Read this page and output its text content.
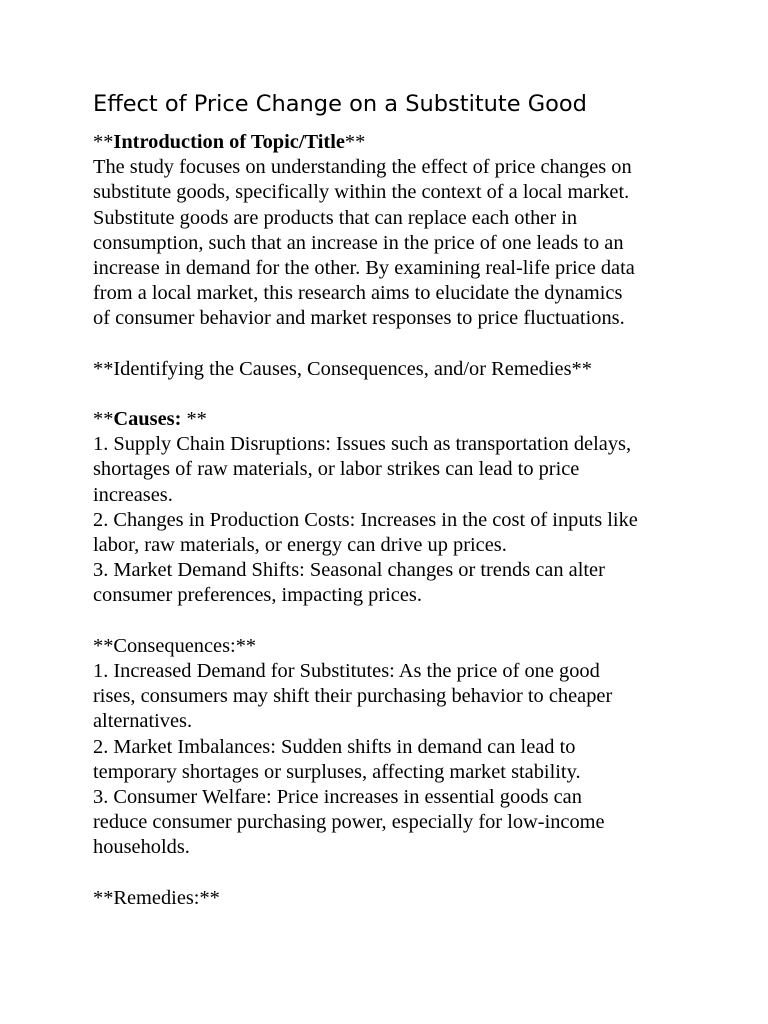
Effect of Price Change on a Substitute Good
**Introduction of Topic/Title**
The study focuses on understanding the effect of price changes on
substitute goods, specifically within the context of a local market.
Substitute goods are products that can replace each other in
consumption, such that an increase in the price of one leads to an
increase in demand for the other. By examining real-life price data
from a local market, this research aims to elucidate the dynamics
of consumer behavior and market responses to price fluctuations.
**Identifying the Causes, Consequences, and/or Remedies**
**Causes: **
1. Supply Chain Disruptions: Issues such as transportation delays,
shortages of raw materials, or labor strikes can lead to price
increases.
2. Changes in Production Costs: Increases in the cost of inputs like
labor, raw materials, or energy can drive up prices.
3. Market Demand Shifts: Seasonal changes or trends can alter
consumer preferences, impacting prices.
**Consequences:**
1. Increased Demand for Substitutes: As the price of one good
rises, consumers may shift their purchasing behavior to cheaper
alternatives.
2. Market Imbalances: Sudden shifts in demand can lead to
temporary shortages or surpluses, affecting market stability.
3. Consumer Welfare: Price increases in essential goods can
reduce consumer purchasing power, especially for low-income
households.
**Remedies:**
